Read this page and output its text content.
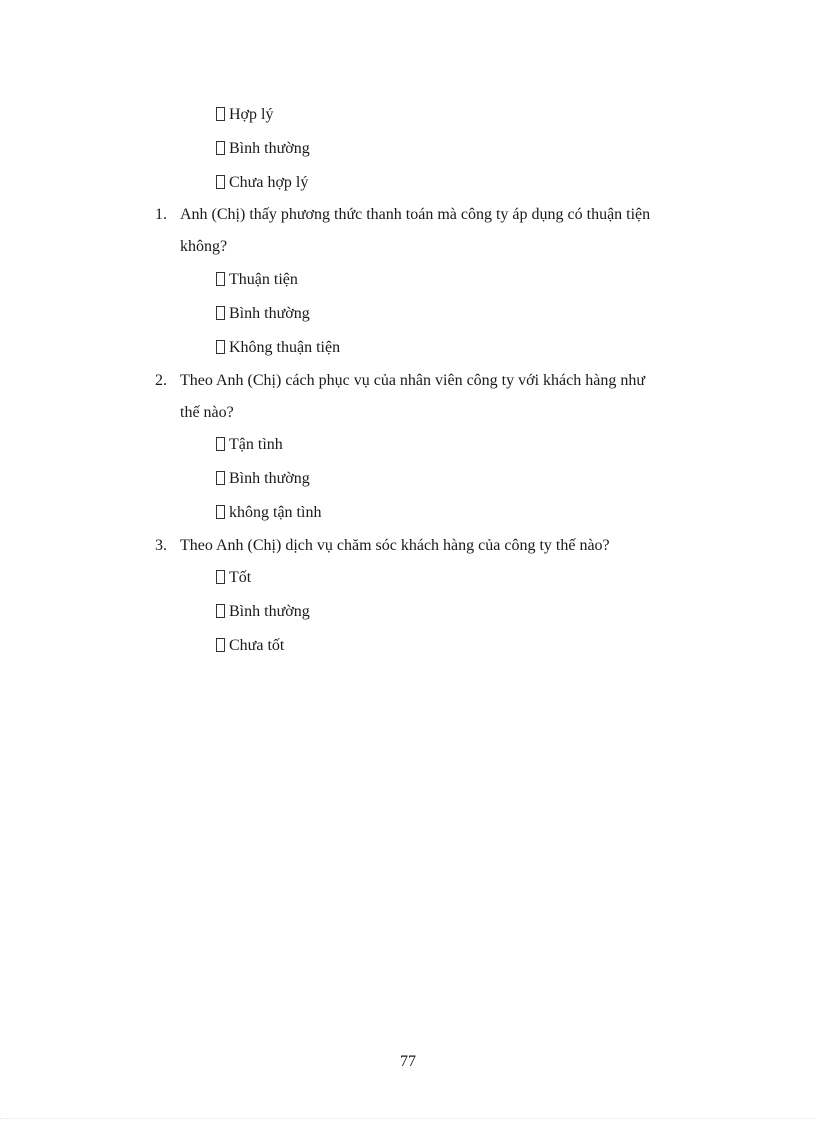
Hợp lý
Bình thường
Chưa hợp lý
1. Anh (Chị) thấy phương thức thanh toán mà công ty áp dụng có thuận tiện
không?
Thuận tiện
Bình thường
Không thuận tiện
2. Theo Anh (Chị) cách phục vụ của nhân viên công ty với khách hàng như
thế nào?
Tận tình
Bình thường
không tận tình
3. Theo Anh (Chị) dịch vụ chăm sóc khách hàng của công ty thế nào?
Tốt
Bình thường
Chưa tốt
77
